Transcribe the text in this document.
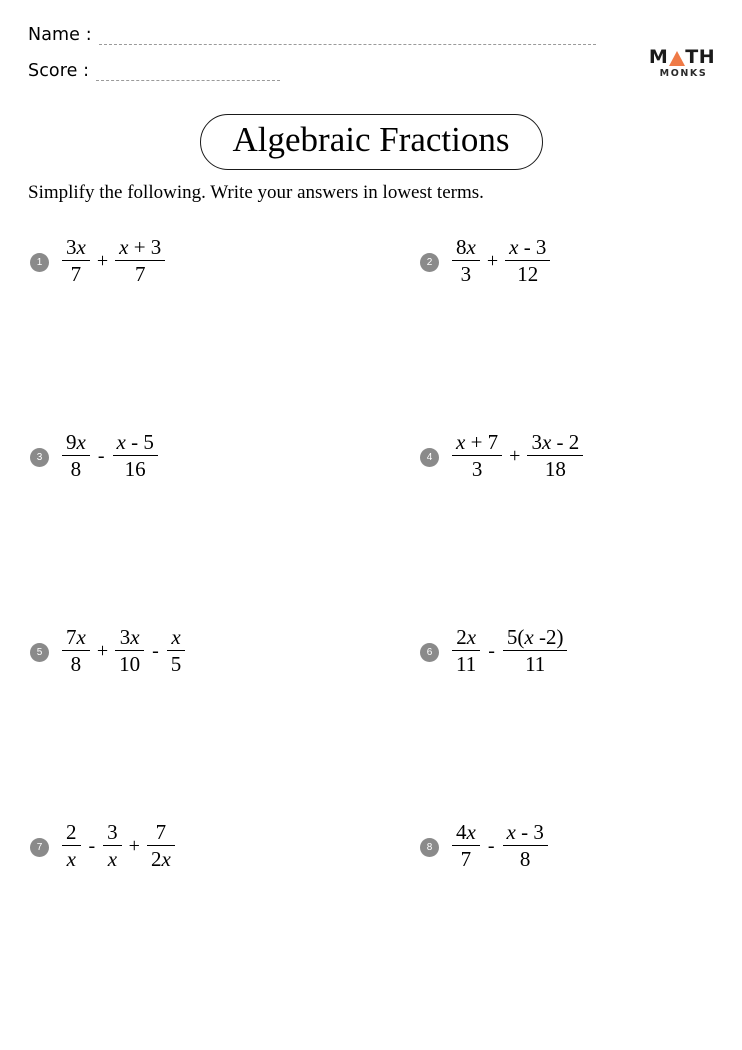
Name :
Score :
M TH
MONKS
Algebraic Fractions
Simplify the following. Write your answers in lowest terms.
$1 \frac{3x}{7} + \frac{x + 3}{7}$	$2 \frac{8x}{3} + \frac{x - 3}{12}$
$3 \frac{9x}{8} - \frac{x - 5}{16}$	$4 \frac{x + 7}{3} + \frac{3x - 2}{18}$
$5 \frac{7x}{8} + \frac{3x}{10} - \frac{x}{5}$	$6 \frac{2x}{11} - \frac{5(x -2)}{11}$
$7 \frac{2}{x} - \frac{3}{x} + \frac{7}{2x}$	$8 \frac{4x}{7} - \frac{x - 3}{8}$
